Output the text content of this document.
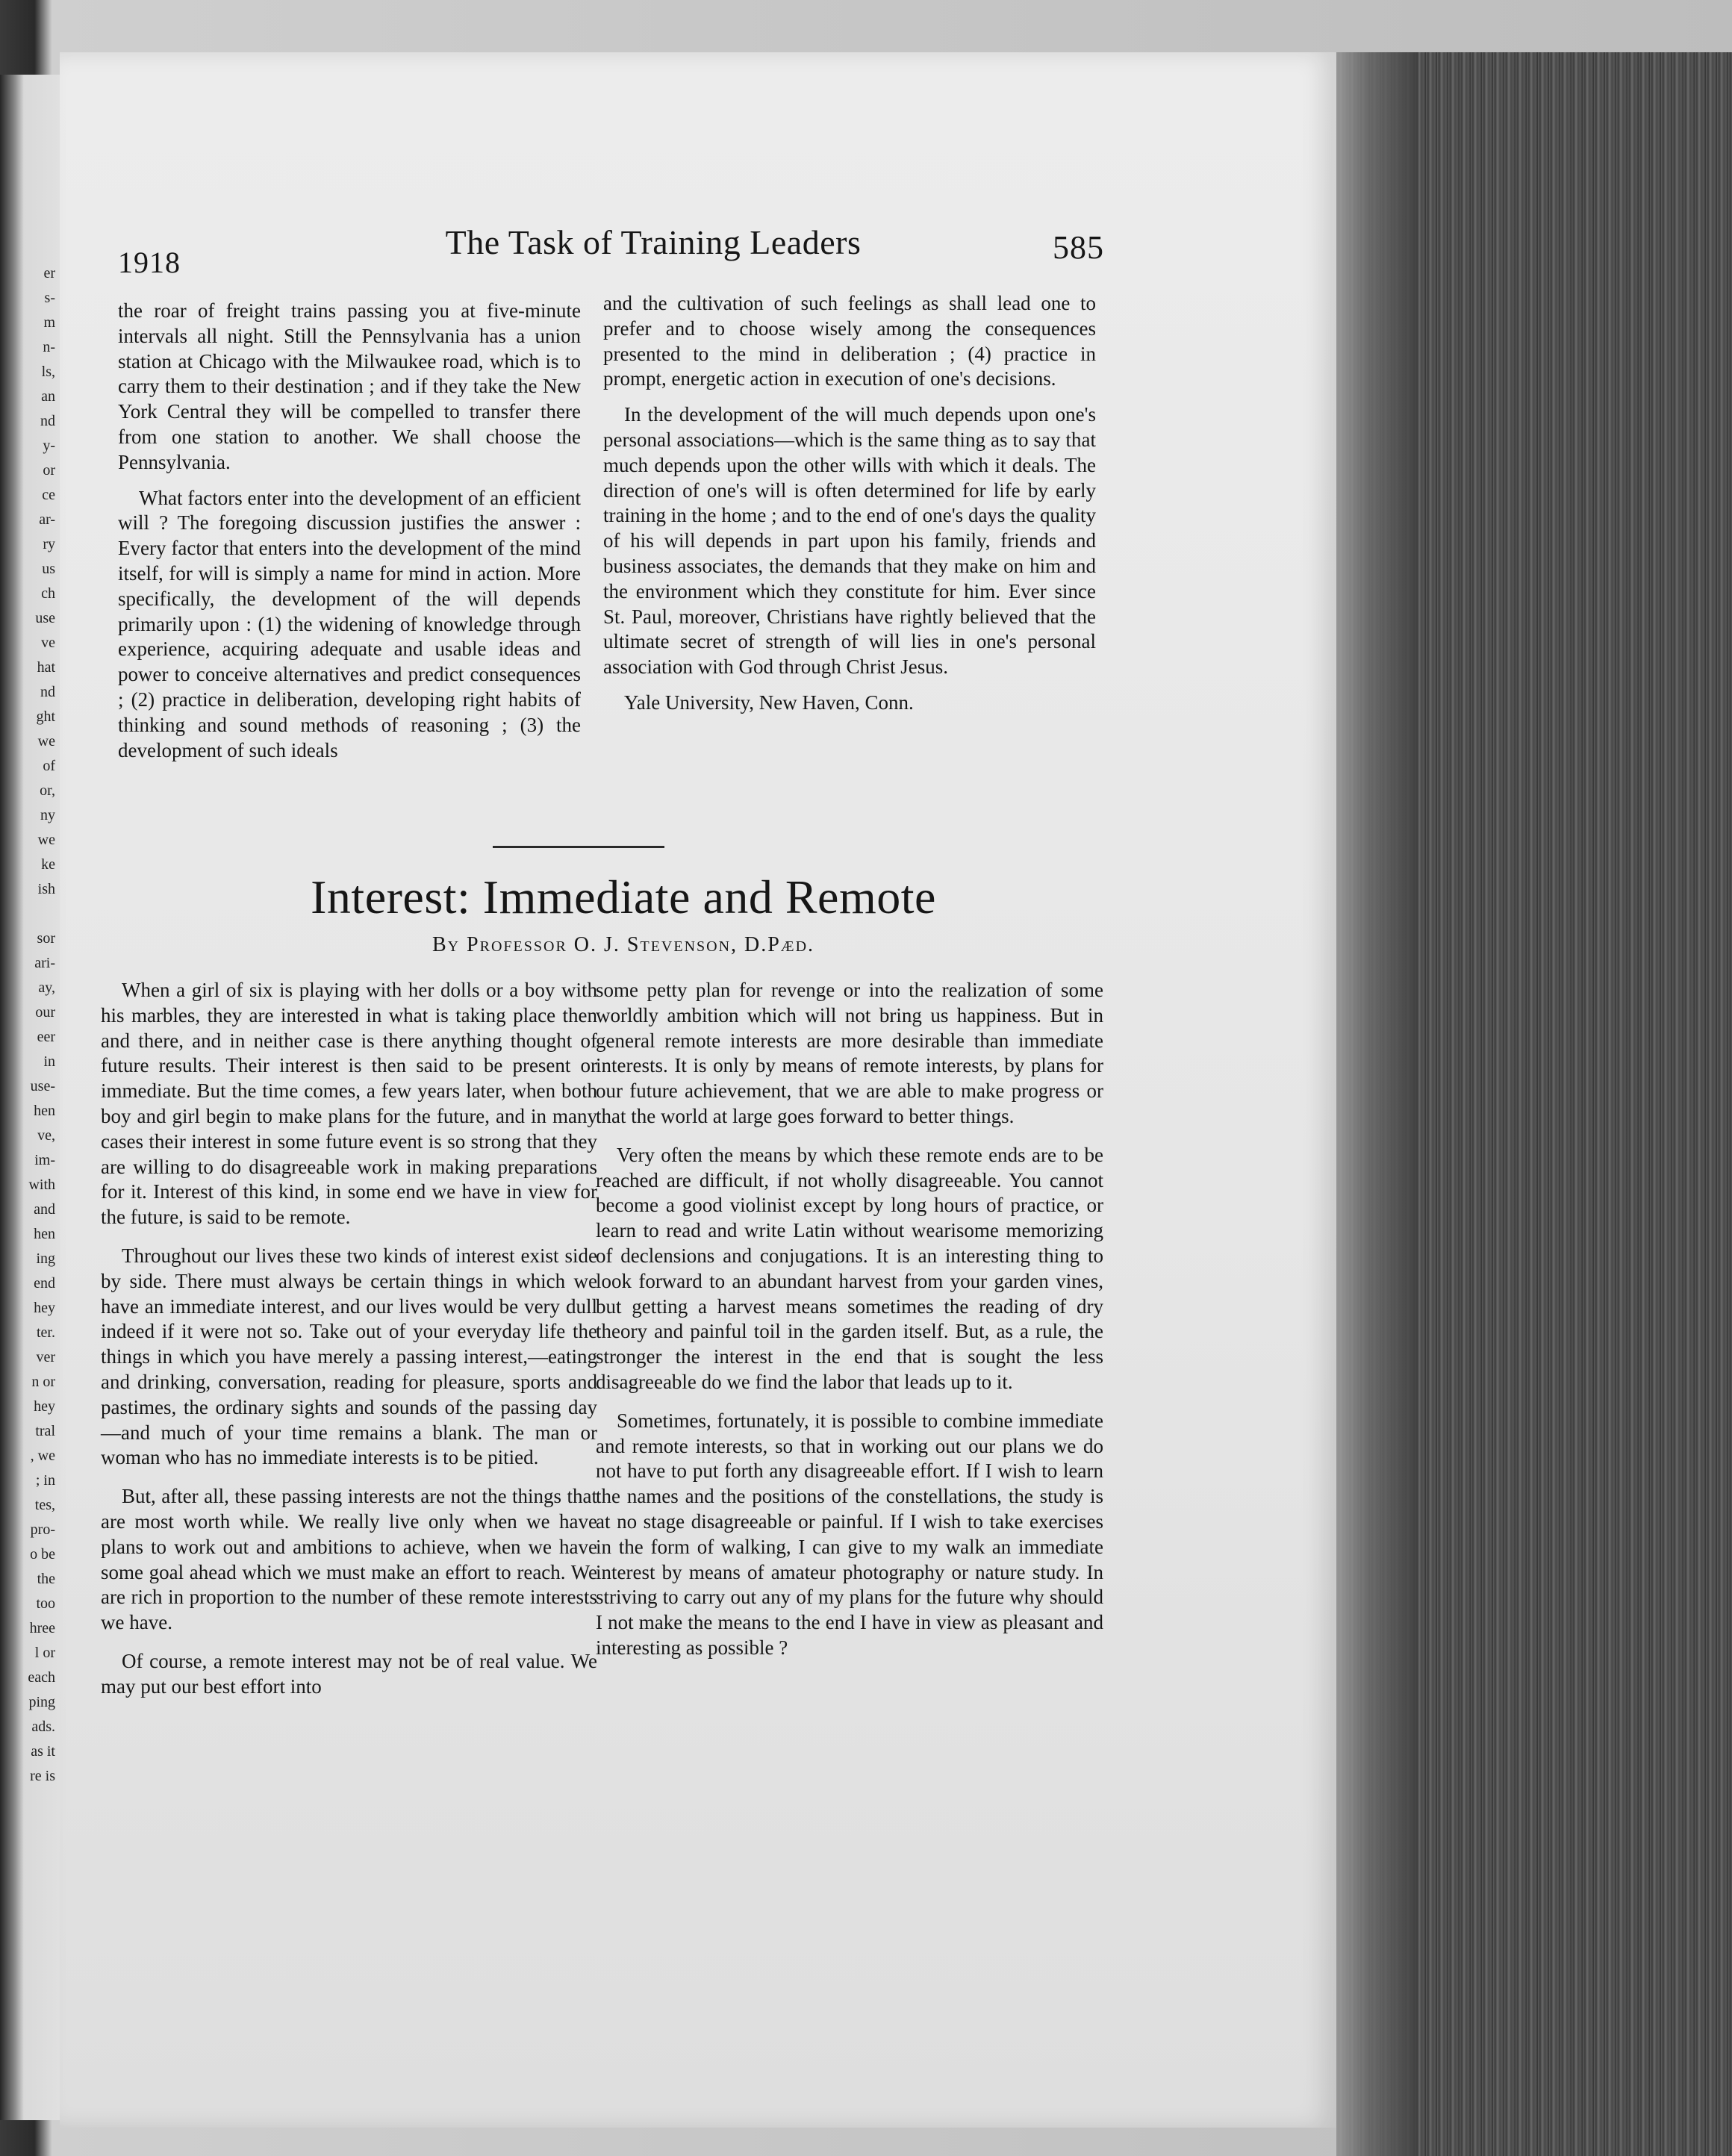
er
s-
m
n-
ls,
an
nd
y-
or
ce
ar-
ry
us
ch
use
ve
hat
nd
ght
we
of
or,
ny
we
ke
ish

sor
ari-
ay,
our
eer
in
use-
hen
ve,
im-
with
and
hen
ing
end
hey
ter.
ver
n or
hey
tral
, we
; in
tes,
pro-
o be
the
too
hree
l or
each
ping
ads.
as it
re is
1918
The Task of Training Leaders	585

the roar of freight trains passing you at five-minute intervals all night. Still the Pennsylvania has a union station at Chicago with the Milwaukee road, which is to carry them to their destination ; and if they take the New York Central they will be compelled to transfer there from one station to another. We shall choose the Pennsylvania.

What factors enter into the development of an efficient will ? The foregoing discussion justifies the answer : Every factor that enters into the development of the mind itself, for will is simply a name for mind in action. More specifically, the development of the will depends primarily upon : (1) the widening of knowledge through experience, acquiring adequate and usable ideas and power to conceive alternatives and predict consequences ; (2) practice in deliberation, developing right habits of thinking and sound methods of reasoning ; (3) the development of such ideals

and the cultivation of such feelings as shall lead one to prefer and to choose wisely among the consequences presented to the mind in deliberation ; (4) practice in prompt, energetic action in execution of one's decisions.

In the development of the will much depends upon one's personal associations—which is the same thing as to say that much depends upon the other wills with which it deals. The direction of one's will is often determined for life by early training in the home ; and to the end of one's days the quality of his will depends in part upon his family, friends and business associates, the demands that they make on him and the environment which they constitute for him. Ever since St. Paul, moreover, Christians have rightly believed that the ultimate secret of strength of will lies in one's personal association with God through Christ Jesus.

Yale University, New Haven, Conn.

Interest: Immediate and Remote
By Professor O. J. Stevenson, D.Pæd.

When a girl of six is playing with her dolls or a boy with his marbles, they are interested in what is taking place then and there, and in neither case is there anything thought of future results. Their interest is then said to be present or immediate. But the time comes, a few years later, when both boy and girl begin to make plans for the future, and in many cases their interest in some future event is so strong that they are willing to do disagreeable work in making preparations for it. Interest of this kind, in some end we have in view for the future, is said to be remote.

Throughout our lives these two kinds of interest exist side by side. There must always be certain things in which we have an immediate interest, and our lives would be very dull indeed if it were not so. Take out of your everyday life the things in which you have merely a passing interest,—eating and drinking, conversation, reading for pleasure, sports and pastimes, the ordinary sights and sounds of the passing day—and much of your time remains a blank. The man or woman who has no immediate interests is to be pitied.

But, after all, these passing interests are not the things that are most worth while. We really live only when we have plans to work out and ambitions to achieve, when we have some goal ahead which we must make an effort to reach. We are rich in proportion to the number of these remote interests we have.

Of course, a remote interest may not be of real value. We may put our best effort into

some petty plan for revenge or into the realization of some worldly ambition which will not bring us happiness. But in general remote interests are more desirable than immediate interests. It is only by means of remote interests, by plans for our future achievement, that we are able to make progress or that the world at large goes forward to better things.

Very often the means by which these remote ends are to be reached are difficult, if not wholly disagreeable. You cannot become a good violinist except by long hours of practice, or learn to read and write Latin without wearisome memorizing of declensions and conjugations. It is an interesting thing to look forward to an abundant harvest from your garden vines, but getting a harvest means sometimes the reading of dry theory and painful toil in the garden itself. But, as a rule, the stronger the interest in the end that is sought the less disagreeable do we find the labor that leads up to it.

Sometimes, fortunately, it is possible to combine immediate and remote interests, so that in working out our plans we do not have to put forth any disagreeable effort. If I wish to learn the names and the positions of the constellations, the study is at no stage disagreeable or painful. If I wish to take exercises in the form of walking, I can give to my walk an immediate interest by means of amateur photography or nature study. In striving to carry out any of my plans for the future why should I not make the means to the end I have in view as pleasant and interesting as possible ?
